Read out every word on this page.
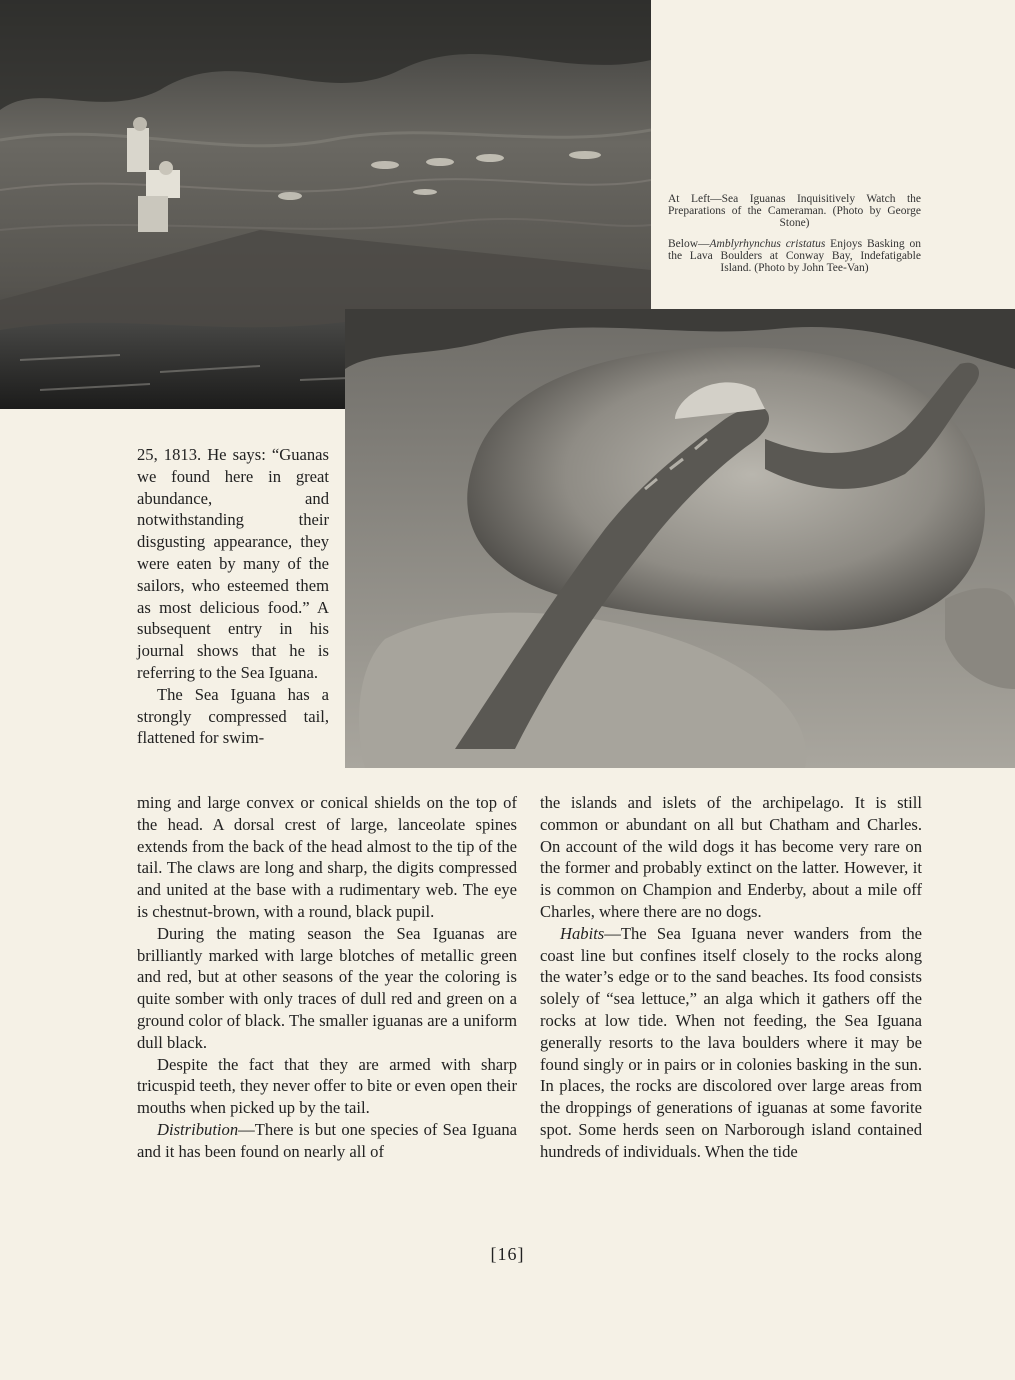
At Left—Sea Iguanas Inquisitively Watch the Preparations of the Cameraman. (Photo by George Stone)

Below—Amblyrhynchus cristatus Enjoys Basking on the Lava Boulders at Conway Bay, Indefatigable Island. (Photo by John Tee-Van)

25, 1813. He says: “Guanas we found here in great abundance, and notwithstanding their disgusting appearance, they were eaten by many of the sailors, who esteemed them as most delicious food.” A subsequent entry in his journal shows that he is referring to the Sea Iguana.

The Sea Iguana has a strongly compressed tail, flattened for swim-

ming and large convex or conical shields on the top of the head. A dorsal crest of large, lanceolate spines extends from the back of the head almost to the tip of the tail. The claws are long and sharp, the digits compressed and united at the base with a rudimentary web. The eye is chestnut-brown, with a round, black pupil.

During the mating season the Sea Iguanas are brilliantly marked with large blotches of metallic green and red, but at other seasons of the year the coloring is quite somber with only traces of dull red and green on a ground color of black. The smaller iguanas are a uniform dull black.

Despite the fact that they are armed with sharp tricuspid teeth, they never offer to bite or even open their mouths when picked up by the tail.

Distribution—There is but one species of Sea Iguana and it has been found on nearly all of

the islands and islets of the archipelago. It is still common or abundant on all but Chatham and Charles. On account of the wild dogs it has become very rare on the former and probably extinct on the latter. However, it is common on Champion and Enderby, about a mile off Charles, where there are no dogs.

Habits—The Sea Iguana never wanders from the coast line but confines itself closely to the rocks along the water’s edge or to the sand beaches. Its food consists solely of “sea lettuce,” an alga which it gathers off the rocks at low tide. When not feeding, the Sea Iguana generally resorts to the lava boulders where it may be found singly or in pairs or in colonies basking in the sun. In places, the rocks are discolored over large areas from the droppings of generations of iguanas at some favorite spot. Some herds seen on Narborough island contained hundreds of individuals. When the tide

[16]
